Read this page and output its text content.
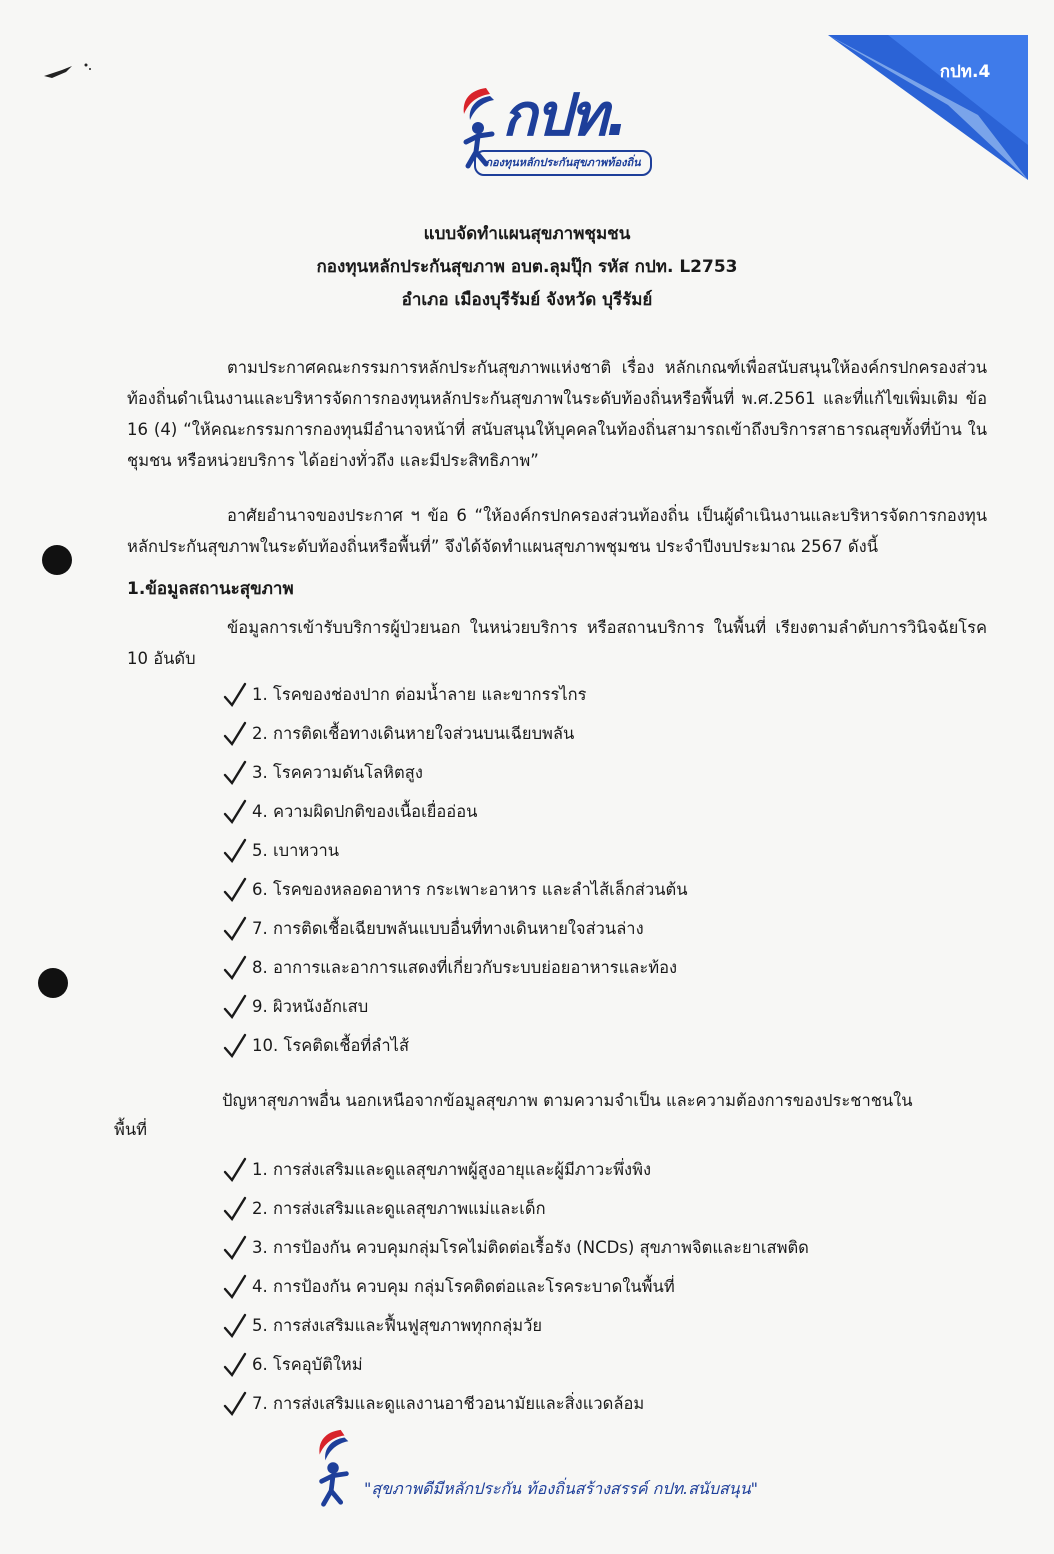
กปท.4
กปท.
กองทุนหลักประกันสุขภาพท้องถิ่น
แบบจัดทำแผนสุขภาพชุมชน
กองทุนหลักประกันสุขภาพ อบต.ลุมปุ๊ก รหัส กปท. L2753
อำเภอ เมืองบุรีรัมย์ จังหวัด บุรีรัมย์
ตามประกาศคณะกรรมการหลักประกันสุขภาพแห่งชาติ เรื่อง หลักเกณฑ์เพื่อสนับสนุนให้องค์กรปกครองส่วนท้องถิ่นดำเนินงานและบริหารจัดการกองทุนหลักประกันสุขภาพในระดับท้องถิ่นหรือพื้นที่ พ.ศ.2561 และที่แก้ไขเพิ่มเติม ข้อ 16 (4) “ให้คณะกรรมการกองทุนมีอำนาจหน้าที่ สนับสนุนให้บุคคลในท้องถิ่นสามารถเข้าถึงบริการสาธารณสุขทั้งที่บ้าน ในชุมชน หรือหน่วยบริการ ได้อย่างทั่วถึง และมีประสิทธิภาพ”
อาศัยอำนาจของประกาศ ฯ ข้อ 6 “ให้องค์กรปกครองส่วนท้องถิ่น เป็นผู้ดำเนินงานและบริหารจัดการกองทุนหลักประกันสุขภาพในระดับท้องถิ่นหรือพื้นที่” จึงได้จัดทำแผนสุขภาพชุมชน ประจำปีงบประมาณ 2567 ดังนี้
1.ข้อมูลสถานะสุขภาพ
ข้อมูลการเข้ารับบริการผู้ป่วยนอก ในหน่วยบริการ หรือสถานบริการ ในพื้นที่ เรียงตามลำดับการวินิจฉัยโรค 10 อันดับ
1. โรคของช่องปาก ต่อมน้ำลาย และขากรรไกร
2. การติดเชื้อทางเดินหายใจส่วนบนเฉียบพลัน
3. โรคความดันโลหิตสูง
4. ความผิดปกติของเนื้อเยื่ออ่อน
5. เบาหวาน
6. โรคของหลอดอาหาร กระเพาะอาหาร และลำไส้เล็กส่วนต้น
7. การติดเชื้อเฉียบพลันแบบอื่นที่ทางเดินหายใจส่วนล่าง
8. อาการและอาการแสดงที่เกี่ยวกับระบบย่อยอาหารและท้อง
9. ผิวหนังอักเสบ
10. โรคติดเชื้อที่ลำไส้
ปัญหาสุขภาพอื่น นอกเหนือจากข้อมูลสุขภาพ ตามความจำเป็น และความต้องการของประชาชนใน
พื้นที่
1. การส่งเสริมและดูแลสุขภาพผู้สูงอายุและผู้มีภาวะพึ่งพิง
2. การส่งเสริมและดูแลสุขภาพแม่และเด็ก
3. การป้องกัน ควบคุมกลุ่มโรคไม่ติดต่อเรื้อรัง (NCDs) สุขภาพจิตและยาเสพติด
4. การป้องกัน ควบคุม กลุ่มโรคติดต่อและโรคระบาดในพื้นที่
5. การส่งเสริมและฟื้นฟูสุขภาพทุกกลุ่มวัย
6. โรคอุบัติใหม่
7. การส่งเสริมและดูแลงานอาชีวอนามัยและสิ่งแวดล้อม
"สุขภาพดีมีหลักประกัน ท้องถิ่นสร้างสรรค์ กปท.สนับสนุน"
